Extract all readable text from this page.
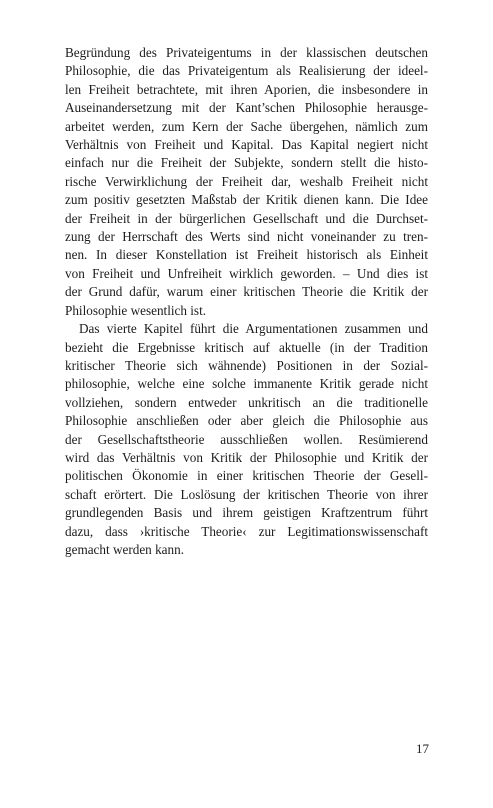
Begründung des Privateigentums in der klassischen deutschen
Philosophie, die das Privateigentum als Realisierung der ideel-
len Freiheit betrachtete, mit ihren Aporien, die insbesondere in
Auseinandersetzung mit der Kant’schen Philosophie herausge-
arbeitet werden, zum Kern der Sache übergehen, nämlich zum
Verhältnis von Freiheit und Kapital. Das Kapital negiert nicht
einfach nur die Freiheit der Subjekte, sondern stellt die histo-
rische Verwirklichung der Freiheit dar, weshalb Freiheit nicht
zum positiv gesetzten Maßstab der Kritik dienen kann. Die Idee
der Freiheit in der bürgerlichen Gesellschaft und die Durchset-
zung der Herrschaft des Werts sind nicht voneinander zu tren-
nen. In dieser Konstellation ist Freiheit historisch als Einheit
von Freiheit und Unfreiheit wirklich geworden. – Und dies ist
der Grund dafür, warum einer kritischen Theorie die Kritik der
Philosophie wesentlich ist.
Das vierte Kapitel führt die Argumentationen zusammen und
bezieht die Ergebnisse kritisch auf aktuelle (in der Tradition
kritischer Theorie sich wähnende) Positionen in der Sozial-
philosophie, welche eine solche immanente Kritik gerade nicht
vollziehen, sondern entweder unkritisch an die traditionelle
Philosophie anschließen oder aber gleich die Philosophie aus
der Gesellschaftstheorie ausschließen wollen. Resümierend
wird das Verhältnis von Kritik der Philosophie und Kritik der
politischen Ökonomie in einer kritischen Theorie der Gesell-
schaft erörtert. Die Loslösung der kritischen Theorie von ihrer
grundlegenden Basis und ihrem geistigen Kraftzentrum führt
dazu, dass ›kritische Theorie‹ zur Legitimationswissenschaft
gemacht werden kann.
17
